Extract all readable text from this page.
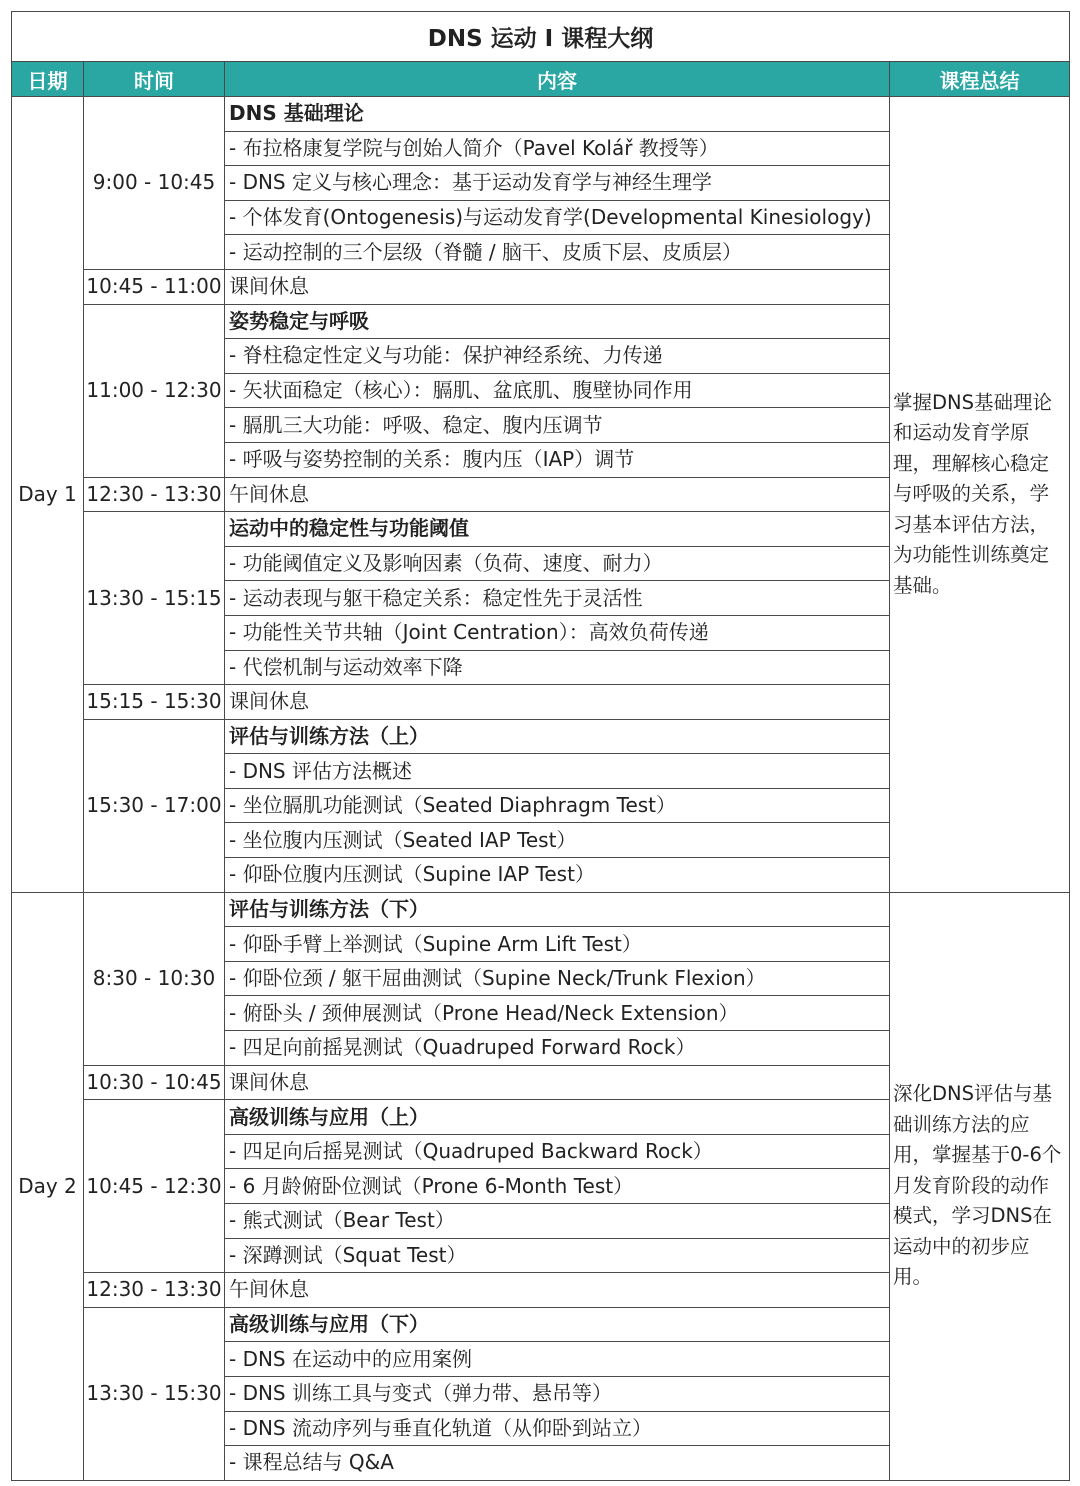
DNS 运动 I 课程大纲			
日期	时间	内容	课程总结
Day 1	9:00 - 10:45	DNS 基础理论	掌握DNS基础理论和运动发育学原理，理解核心稳定与呼吸的关系，学习基本评估方法，为功能性训练奠定基础。
		- 布拉格康复学院与创始人简介（Pavel Kolář 教授等）	
		- DNS 定义与核心理念：基于运动发育学与神经生理学	
		- 个体发育(Ontogenesis)与运动发育学(Developmental Kinesiology)	
		- 运动控制的三个层级（脊髓 / 脑干、皮质下层、皮质层）	
	10:45 - 11:00	课间休息	
	11:00 - 12:30	姿势稳定与呼吸	
		- 脊柱稳定性定义与功能：保护神经系统、力传递	
		- 矢状面稳定（核心）：膈肌、盆底肌、腹壁协同作用	
		- 膈肌三大功能：呼吸、稳定、腹内压调节	
		- 呼吸与姿势控制的关系：腹内压（IAP）调节	
	12:30 - 13:30	午间休息	
	13:30 - 15:15	运动中的稳定性与功能阈值	
		- 功能阈值定义及影响因素（负荷、速度、耐力）	
		- 运动表现与躯干稳定关系：稳定性先于灵活性	
		- 功能性关节共轴（Joint Centration）：高效负荷传递	
		- 代偿机制与运动效率下降	
	15:15 - 15:30	课间休息	
	15:30 - 17:00	评估与训练方法（上）	
		- DNS 评估方法概述	
		- 坐位膈肌功能测试（Seated Diaphragm Test）	
		- 坐位腹内压测试（Seated IAP Test）	
		- 仰卧位腹内压测试（Supine IAP Test）	
Day 2	8:30 - 10:30	评估与训练方法（下）	深化DNS评估与基础训练方法的应用，掌握基于0-6个月发育阶段的动作模式，学习DNS在运动中的初步应用。
		- 仰卧手臂上举测试（Supine Arm Lift Test）	
		- 仰卧位颈 / 躯干屈曲测试（Supine Neck/Trunk Flexion）	
		- 俯卧头 / 颈伸展测试（Prone Head/Neck Extension）	
		- 四足向前摇晃测试（Quadruped Forward Rock）	
	10:30 - 10:45	课间休息	
	10:45 - 12:30	高级训练与应用（上）	
		- 四足向后摇晃测试（Quadruped Backward Rock）	
		- 6 月龄俯卧位测试（Prone 6-Month Test）	
		- 熊式测试（Bear Test）	
		- 深蹲测试（Squat Test）	
	12:30 - 13:30	午间休息	
	13:30 - 15:30	高级训练与应用（下）	
		- DNS 在运动中的应用案例	
		- DNS 训练工具与变式（弹力带、悬吊等）	
		- DNS 流动序列与垂直化轨道（从仰卧到站立）	
		- 课程总结与 Q&A	
